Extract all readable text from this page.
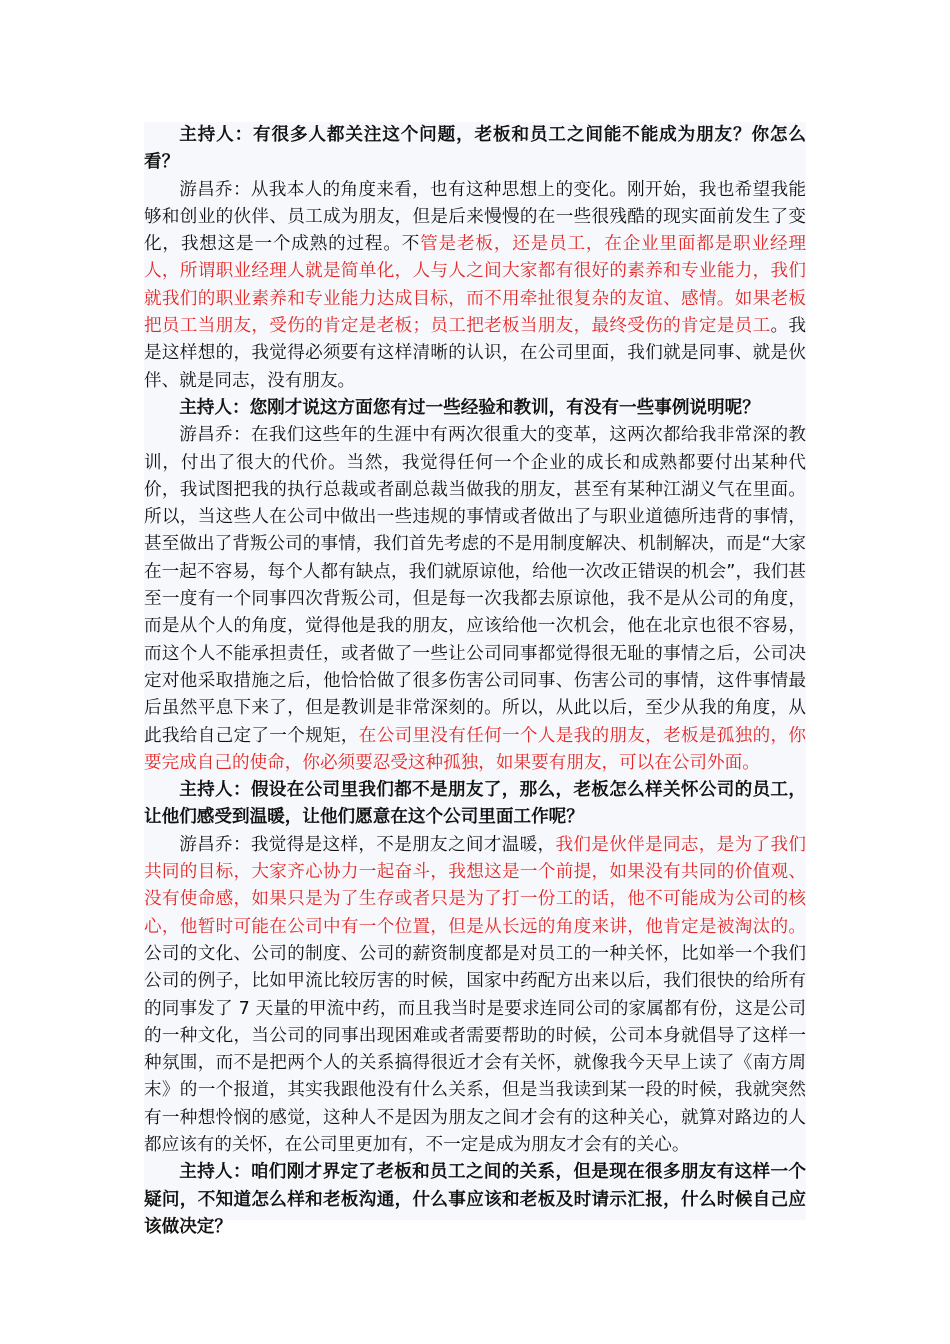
主持人：有很多人都关注这个问题，老板和员工之间能不能成为朋友？你怎么看？

游昌乔：从我本人的角度来看，也有这种思想上的变化。刚开始，我也希望我能够和创业的伙伴、员工成为朋友，但是后来慢慢的在一些很残酷的现实面前发生了变化，我想这是一个成熟的过程。不管是老板，还是员工，在企业里面都是职业经理人，所谓职业经理人就是简单化，人与人之间大家都有很好的素养和专业能力，我们就我们的职业素养和专业能力达成目标，而不用牵扯很复杂的友谊、感情。如果老板把员工当朋友，受伤的肯定是老板；员工把老板当朋友，最终受伤的肯定是员工。我是这样想的，我觉得必须要有这样清晰的认识，在公司里面，我们就是同事、就是伙伴、就是同志，没有朋友。

主持人：您刚才说这方面您有过一些经验和教训，有没有一些事例说明呢？

游昌乔：在我们这些年的生涯中有两次很重大的变革，这两次都给我非常深的教训，付出了很大的代价。当然，我觉得任何一个企业的成长和成熟都要付出某种代价，我试图把我的执行总裁或者副总裁当做我的朋友，甚至有某种江湖义气在里面。所以，当这些人在公司中做出一些违规的事情或者做出了与职业道德所违背的事情，甚至做出了背叛公司的事情，我们首先考虑的不是用制度解决、机制解决，而是“大家在一起不容易，每个人都有缺点，我们就原谅他，给他一次改正错误的机会”，我们甚至一度有一个同事四次背叛公司，但是每一次我都去原谅他，我不是从公司的角度，而是从个人的角度，觉得他是我的朋友，应该给他一次机会，他在北京也很不容易，而这个人不能承担责任，或者做了一些让公司同事都觉得很无耻的事情之后，公司决定对他采取措施之后，他恰恰做了很多伤害公司同事、伤害公司的事情，这件事情最后虽然平息下来了，但是教训是非常深刻的。所以，从此以后，至少从我的角度，从此我给自己定了一个规矩，在公司里没有任何一个人是我的朋友，老板是孤独的，你要完成自己的使命，你必须要忍受这种孤独，如果要有朋友，可以在公司外面。

主持人：假设在公司里我们都不是朋友了，那么，老板怎么样关怀公司的员工，让他们感受到温暖，让他们愿意在这个公司里面工作呢？

游昌乔：我觉得是这样，不是朋友之间才温暖，我们是伙伴是同志，是为了我们共同的目标，大家齐心协力一起奋斗，我想这是一个前提，如果没有共同的价值观、没有使命感，如果只是为了生存或者只是为了打一份工的话，他不可能成为公司的核心，他暂时可能在公司中有一个位置，但是从长远的角度来讲，他肯定是被淘汰的。公司的文化、公司的制度、公司的薪资制度都是对员工的一种关怀，比如举一个我们公司的例子，比如甲流比较厉害的时候，国家中药配方出来以后，我们很快的给所有的同事发了 7 天量的甲流中药，而且我当时是要求连同公司的家属都有份，这是公司的一种文化，当公司的同事出现困难或者需要帮助的时候，公司本身就倡导了这样一种氛围，而不是把两个人的关系搞得很近才会有关怀，就像我今天早上读了《南方周末》的一个报道，其实我跟他没有什么关系，但是当我读到某一段的时候，我就突然有一种想怜悯的感觉，这种人不是因为朋友之间才会有的这种关心，就算对路边的人都应该有的关怀，在公司里更加有，不一定是成为朋友才会有的关心。

主持人：咱们刚才界定了老板和员工之间的关系，但是现在很多朋友有这样一个疑问，不知道怎么样和老板沟通，什么事应该和老板及时请示汇报，什么时候自己应该做决定？
